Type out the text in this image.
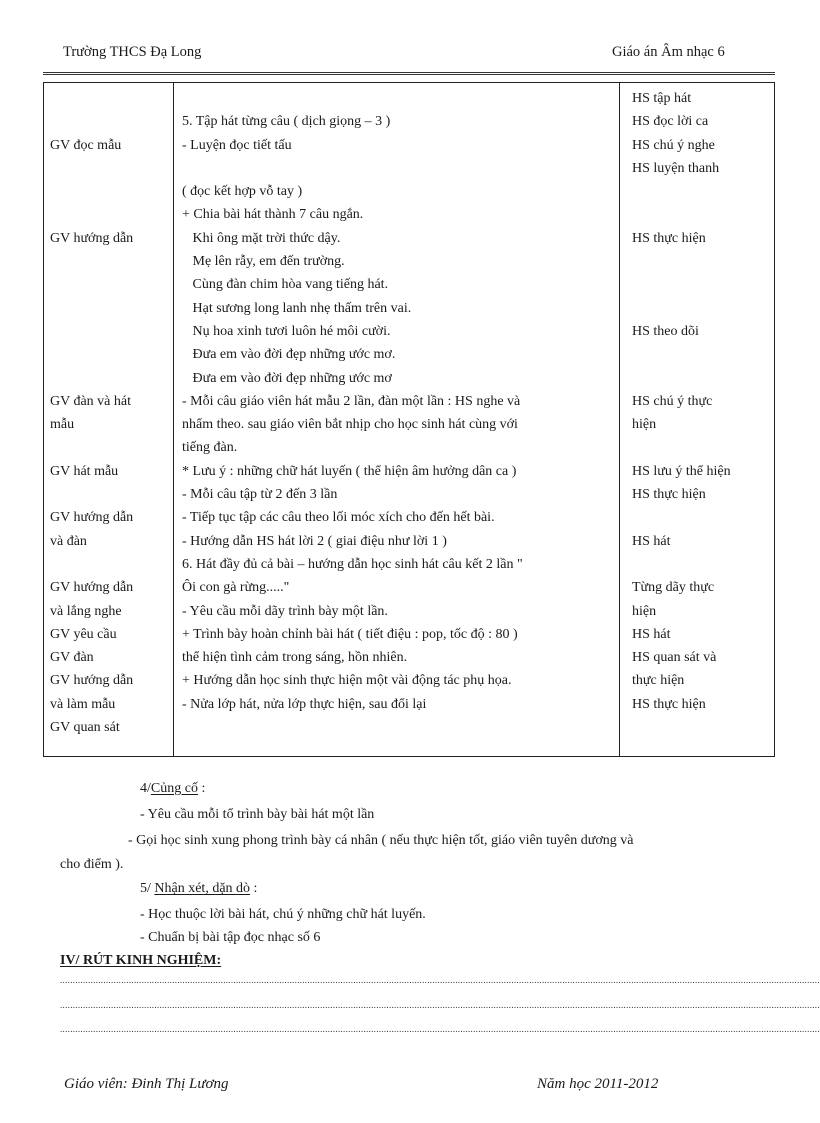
Trường THCS Đạ Long	Giáo án Âm nhạc 6
GV đọc mẫu
GV hướng dẫn
GV đàn và hát
mẫu
GV hát mẫu
GV hướng dẫn
và đàn
GV hướng dẫn
và lắng nghe
GV yêu cầu
GV đàn
GV hướng dẫn
và làm mẫu
GV quan sát
5. Tập hát từng câu ( dịch giọng – 3 )
- Luyện đọc tiết tấu
( đọc kết hợp vỗ tay )
+ Chia bài hát thành 7 câu ngắn.
Khi ông mặt trời thức dậy.
Mẹ lên rẫy, em đến trường.
Cùng đàn chim hòa vang tiếng hát.
Hạt sương long lanh nhẹ thấm trên vai.
Nụ hoa xinh tươi luôn hé môi cười.
Đưa em vào đời đẹp những ước mơ.
Đưa em vào đời đẹp những ước mơ
- Mỗi câu giáo viên hát mẫu 2 lần, đàn một lần : HS nghe và
nhẩm theo. sau giáo viên bắt nhịp cho học sinh hát cùng với
tiếng đàn.
* Lưu ý : những chữ hát luyến ( thể hiện âm hưởng dân ca )
- Mỗi câu tập từ 2 đến 3 lần
- Tiếp tục tập các câu theo lối móc xích cho đến hết bài.
- Hướng dẫn HS hát lời 2 ( giai điệu như lời 1 )
6. Hát đầy đủ cả bài – hướng dẫn học sinh hát câu kết 2 lần "
Ôi con gà rừng....."
- Yêu cầu mỗi dãy trình bày một lần.
+ Trình bày hoàn chỉnh bài hát ( tiết điệu : pop, tốc độ : 80 )
thể hiện tình cảm trong sáng, hồn nhiên.
+ Hướng dẫn học sinh thực hiện một vài động tác phụ họa.
- Nửa lớp hát, nửa lớp thực hiện, sau đổi lại
HS tập hát
HS đọc lời ca
HS chú ý nghe
HS luyện thanh
HS thực hiện
HS theo dõi
HS chú ý thực
hiện
HS lưu ý thể hiện
HS thực hiện
HS hát
Từng dãy thực
hiện
HS hát
HS quan sát và
thực hiện
HS thực hiện
4/Củng cố :
- Yêu cầu mỗi tổ trình bày bài hát một lần
- Gọi học sinh xung phong trình bày cá nhân ( nếu thực hiện tốt, giáo viên tuyên dương và
cho điểm ).
5/ Nhận xét, dặn dò :
- Học thuộc lời bài hát, chú ý những chữ hát luyến.
- Chuẩn bị bài tập đọc nhạc số 6
IV/ RÚT KINH NGHIỆM:
..........................................................................................................................................................................................................................................................................................................
..........................................................................................................................................................................................................................................................................................................
..........................................................................................................................................................................................................................................................................................................
Giáo viên: Đinh Thị Lương	Năm học 2011-2012
